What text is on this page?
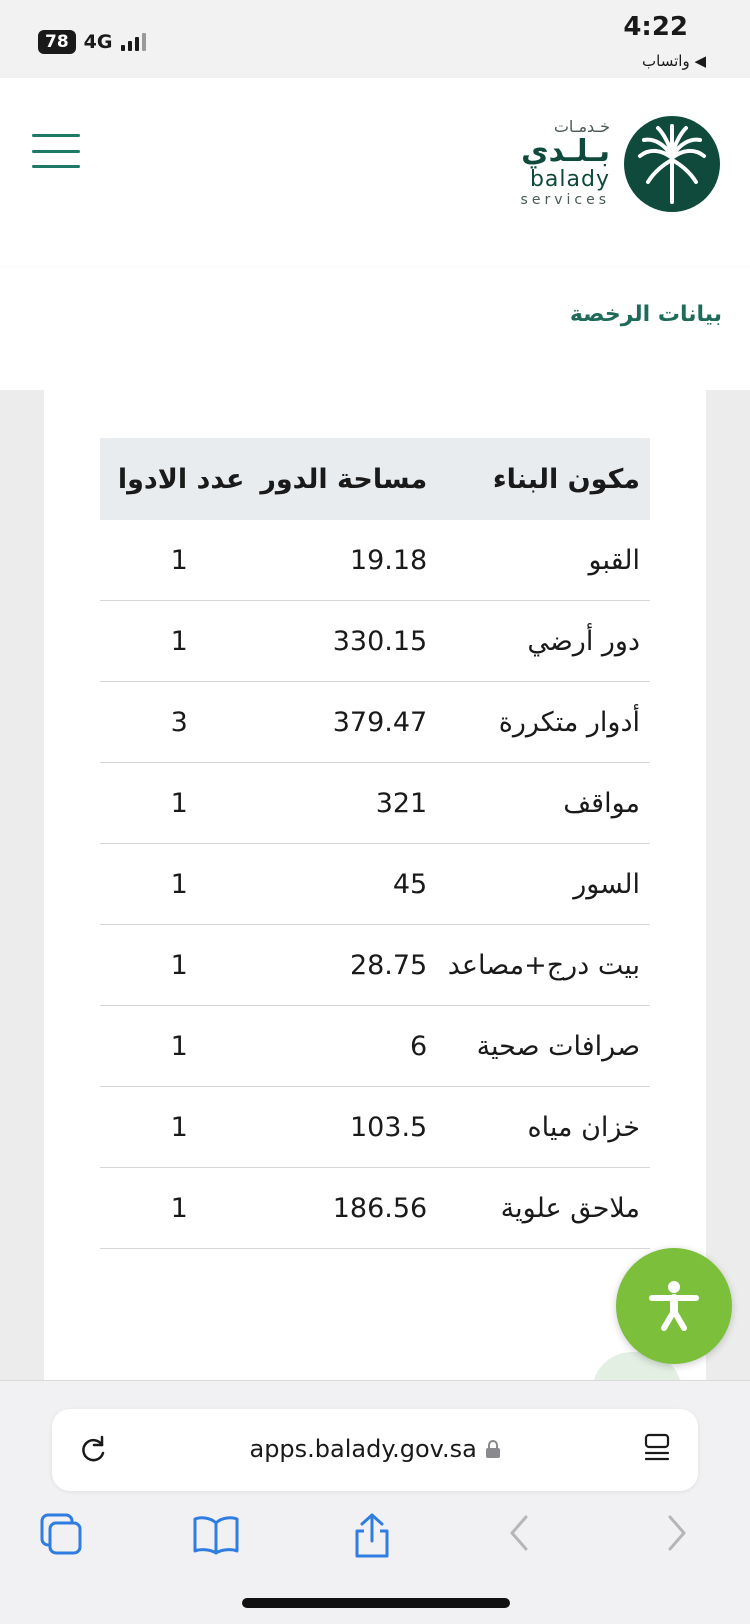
78 4G	4:22
◀ واتساب
خـدمـات
بـلـدي
balady
services
بيانات الرخصة
مكون البناء	مساحة الدور	عدد الادوا
القبو	19.18	1
دور أرضي	330.15	1
أدوار متكررة	379.47	3
مواقف	321	1
السور	45	1
بيت درج+مصاعد	28.75	1
صرافات صحية	6	1
خزان مياه	103.5	1
ملاحق علوية	186.56	1
apps.balady.gov.sa
